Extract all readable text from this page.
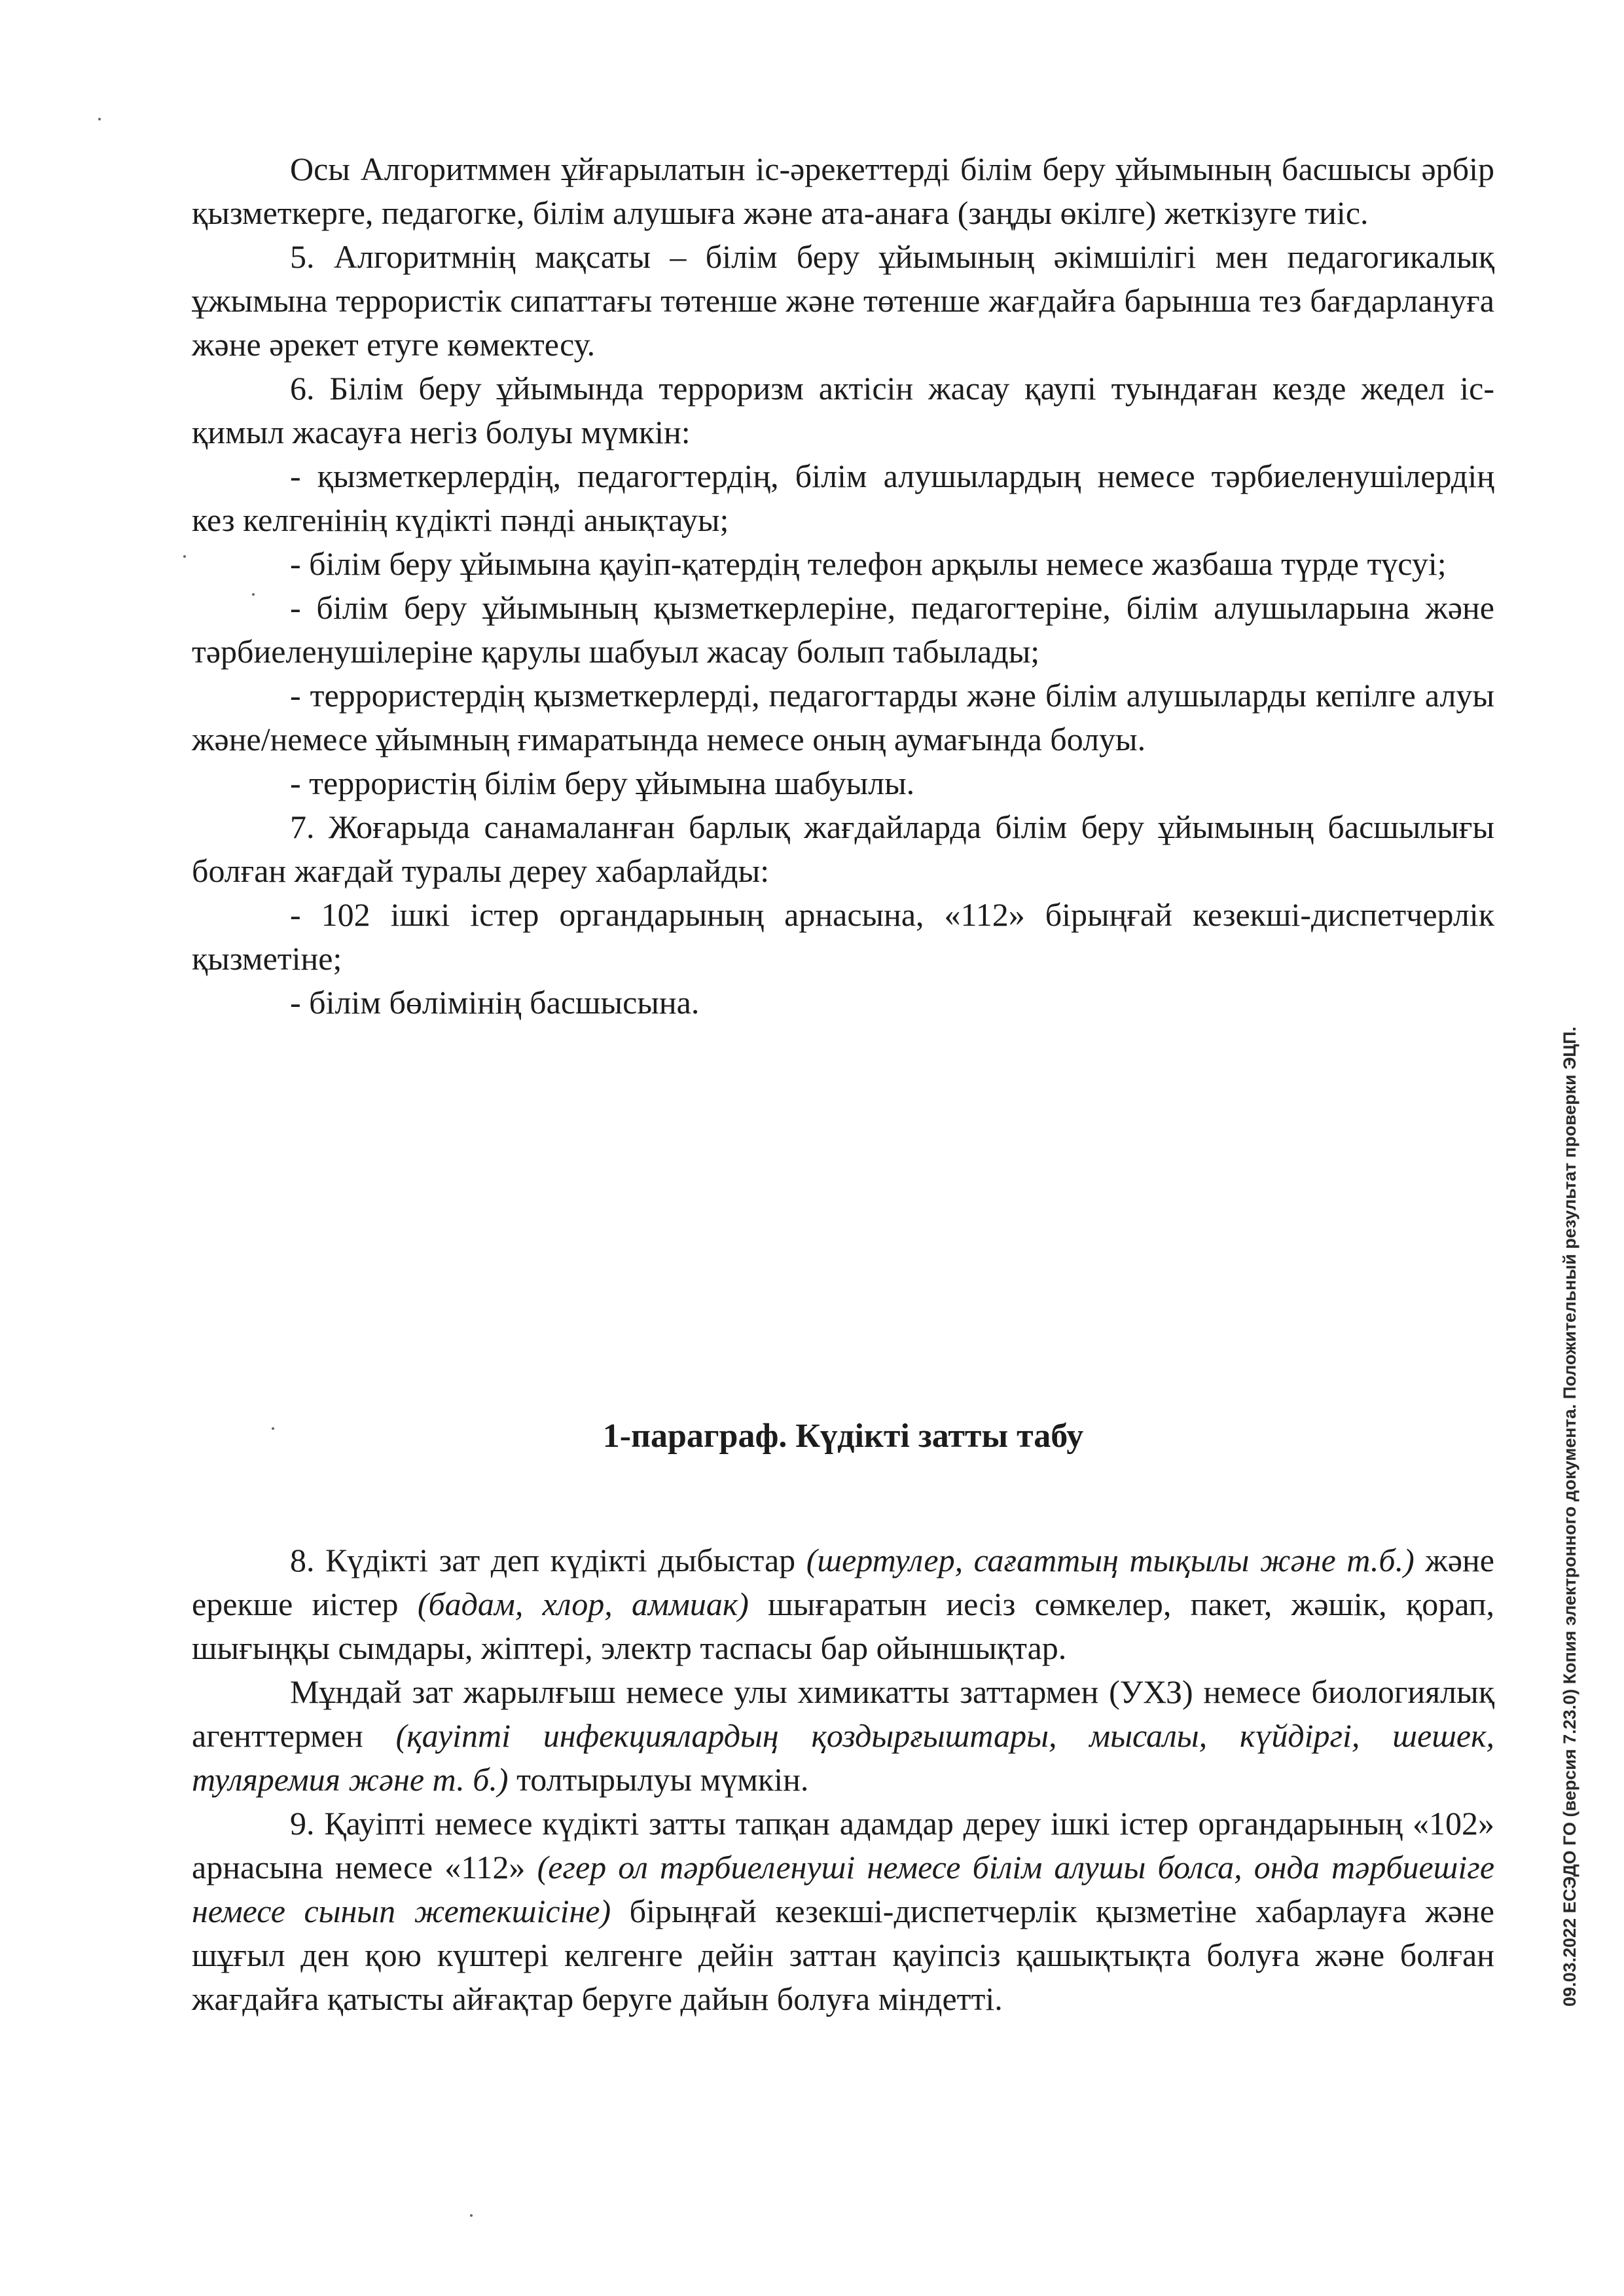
Осы Алгоритммен ұйғарылатын іс-әрекеттерді білім беру ұйымының басшысы әрбір қызметкерге, педагогке, білім алушыға және ата-анаға (заңды өкілге) жеткізуге тиіс.

5. Алгоритмнің мақсаты – білім беру ұйымының әкімшілігі мен педагогикалық ұжымына террористік сипаттағы төтенше және төтенше жағдайға барынша тез бағдарлануға және әрекет етуге көмектесу.

6. Білім беру ұйымында терроризм актісін жасау қаупі туындаған кезде жедел іс-қимыл жасауға негіз болуы мүмкін:

- қызметкерлердің, педагогтердің, білім алушылардың немесе тәрбиеленушілердің кез келгенінің күдікті пәнді анықтауы;

- білім беру ұйымына қауіп-қатердің телефон арқылы немесе жазбаша түрде түсуі;

- білім беру ұйымының қызметкерлеріне, педагогтеріне, білім алушыларына және тәрбиеленушілеріне қарулы шабуыл жасау болып табылады;

- террористердің қызметкерлерді, педагогтарды және білім алушыларды кепілге алуы және/немесе ұйымның ғимаратында немесе оның аумағында болуы.

- террористің білім беру ұйымына шабуылы.

7. Жоғарыда санамаланған барлық жағдайларда білім беру ұйымының басшылығы болған жағдай туралы дереу хабарлайды:

- 102 ішкі істер органдарының арнасына, «112» бірыңғай кезекші-диспетчерлік қызметіне;

- білім бөлімінің басшысына.

1-параграф. Күдікті затты табу

8. Күдікті зат деп күдікті дыбыстар (шертулер, сағаттың тықылы және т.б.) және ерекше иістер (бадам, хлор, аммиак) шығаратын иесіз сөмкелер, пакет, жәшік, қорап, шығыңқы сымдары, жіптері, электр таспасы бар ойыншықтар.

Мұндай зат жарылғыш немесе улы химикатты заттармен (УХЗ) немесе биологиялық агенттермен (қауіпті инфекциялардың қоздырғыштары, мысалы, күйдіргі, шешек, туляремия және т. б.) толтырылуы мүмкін.

9. Қауіпті немесе күдікті затты тапқан адамдар дереу ішкі істер органдарының «102» арнасына немесе «112» (егер ол тәрбиеленуші немесе білім алушы болса, онда тәрбиешіге немесе сынып жетекшісіне) бірыңғай кезекші-диспетчерлік қызметіне хабарлауға және шұғыл ден қою күштері келгенге дейін заттан қауіпсіз қашықтықта болуға және болған жағдайға қатысты айғақтар беруге дайын болуға міндетті.	09.03.2022 ЕСЭДО ГО (версия 7.23.0) Копия электронного документа. Положительный результат проверки ЭЦП.
